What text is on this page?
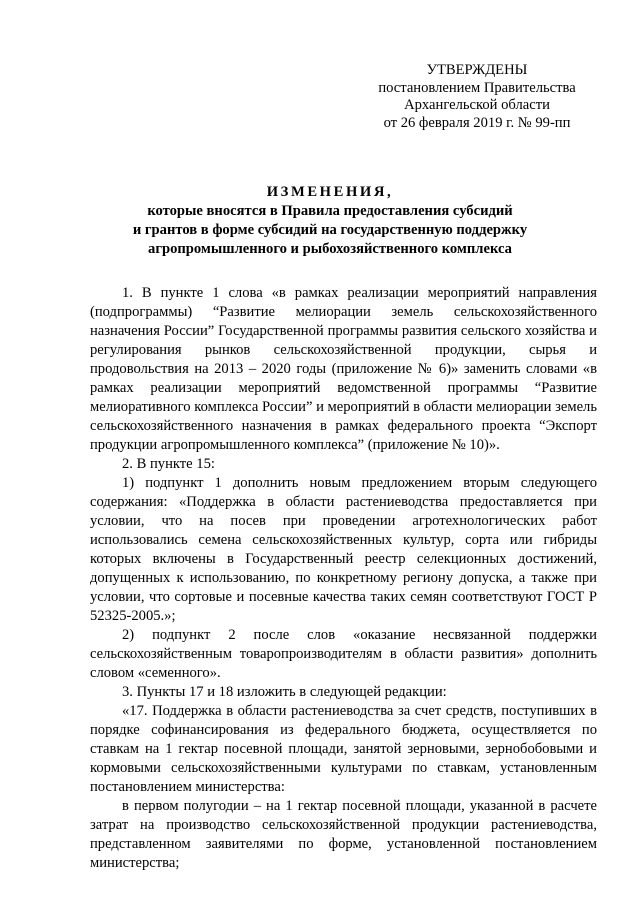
УТВЕРЖДЕНЫ
постановлением Правительства
Архангельской области
от 26 февраля 2019 г. № 99-пп
ИЗМЕНЕНИЯ,
которые вносятся в Правила предоставления субсидий
и грантов в форме субсидий на государственную поддержку
агропромышленного и рыбохозяйственного комплекса

1. В пункте 1 слова «в рамках реализации мероприятий направления (подпрограммы) “Развитие мелиорации земель сельскохозяйственного назначения России” Государственной программы развития сельского хозяйства и регулирования рынков сельскохозяйственной продукции, сырья и продовольствия на 2013 – 2020 годы (приложение № 6)» заменить словами «в рамках реализации мероприятий ведомственной программы “Развитие мелиоративного комплекса России” и мероприятий в области мелиорации земель сельскохозяйственного назначения в рамках федерального проекта “Экспорт продукции агропромышленного комплекса” (приложение № 10)».

2. В пункте 15:

1) подпункт 1 дополнить новым предложением вторым следующего содержания: «Поддержка в области растениеводства предоставляется при условии, что на посев при проведении агротехнологических работ использовались семена сельскохозяйственных культур, сорта или гибриды которых включены в Государственный реестр селекционных достижений, допущенных к использованию, по конкретному региону допуска, а также при условии, что сортовые и посевные качества таких семян соответствуют ГОСТ Р 52325-2005.»;

2) подпункт 2 после слов «оказание несвязанной поддержки сельскохозяйственным товаропроизводителям в области развития» дополнить словом «семенного».

3. Пункты 17 и 18 изложить в следующей редакции:

«17. Поддержка в области растениеводства за счет средств, поступивших в порядке софинансирования из федерального бюджета, осуществляется по ставкам на 1 гектар посевной площади, занятой зерновыми, зернобобовыми и кормовыми сельскохозяйственными культурами по ставкам, установленным постановлением министерства:

в первом полугодии – на 1 гектар посевной площади, указанной в расчете затрат на производство сельскохозяйственной продукции растениеводства, представленном заявителями по форме, установленной постановлением министерства;
